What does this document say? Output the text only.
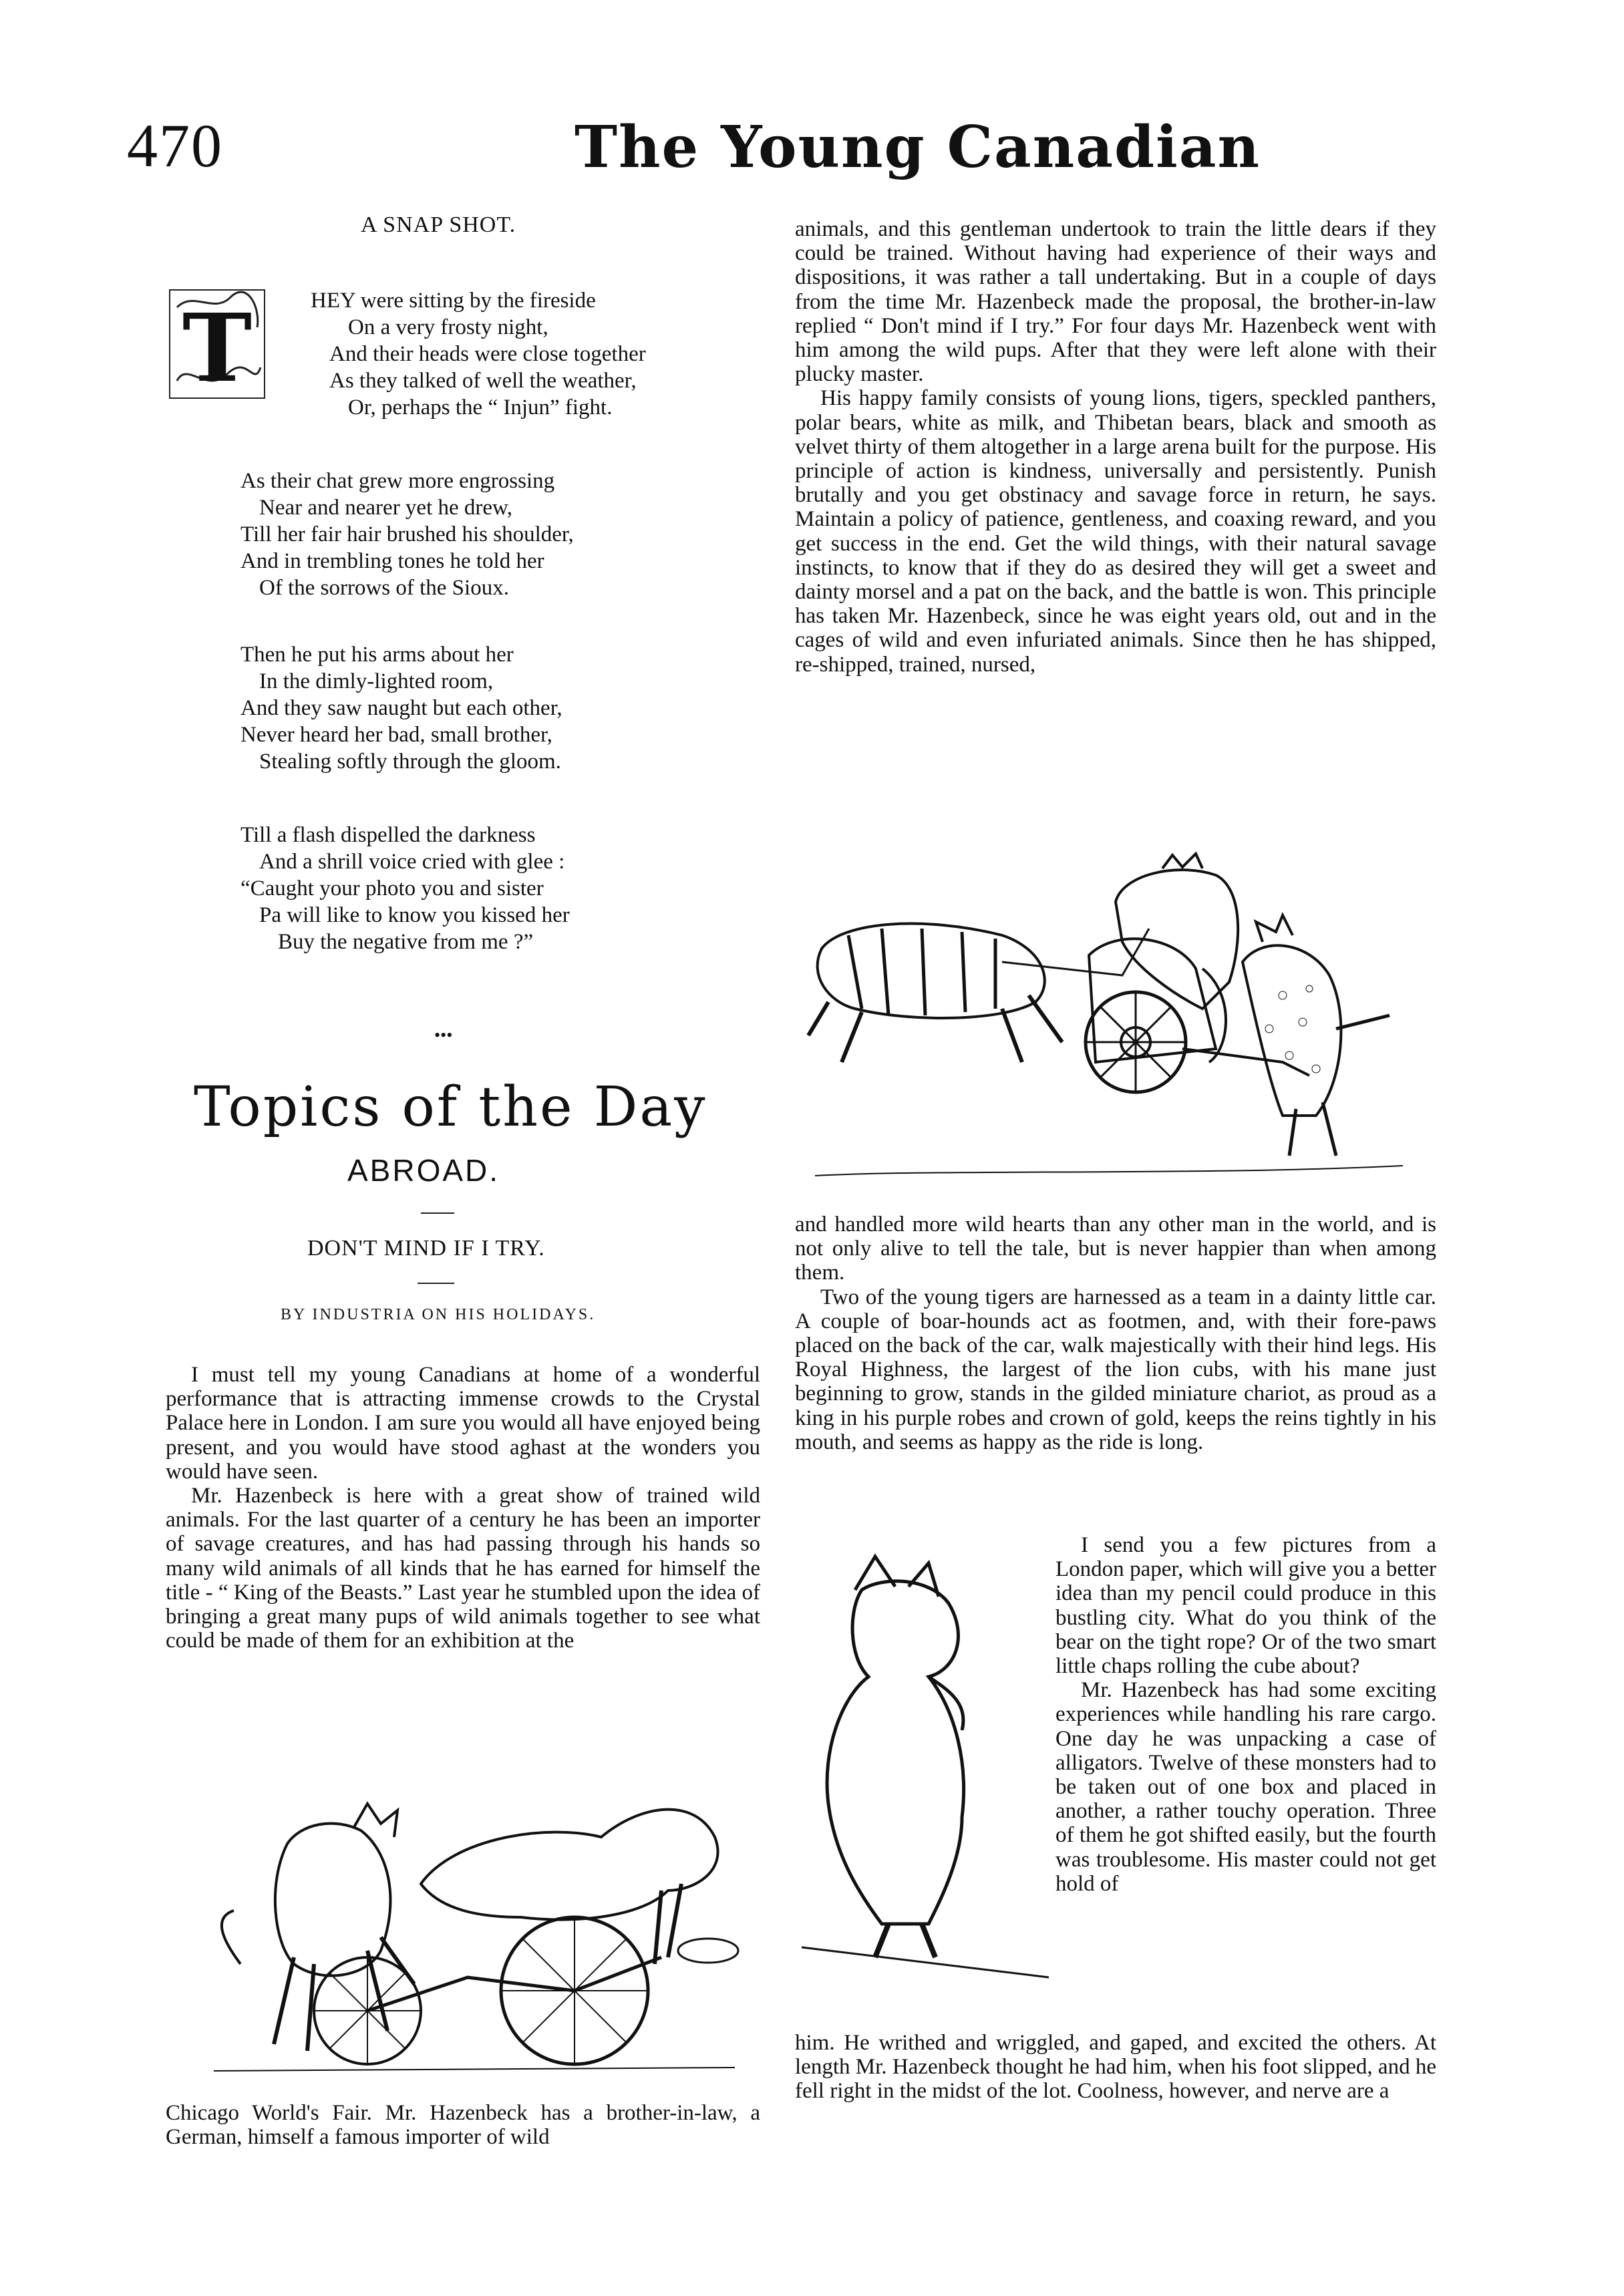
470	The Young Canadian
A SNAP SHOT.
T	HEY were sitting by the fireside
On a very frosty night,
And their heads were close together
As they talked of well the weather,
Or, perhaps the “ Injun” fight.
As their chat grew more engrossing
Near and nearer yet he drew,
Till her fair hair brushed his shoulder,
And in trembling tones he told her
Of the sorrows of the Sioux.
Then he put his arms about her
In the dimly-lighted room,
And they saw naught but each other,
Never heard her bad, small brother,
Stealing softly through the gloom.
Till a flash dispelled the darkness
And a shrill voice cried with glee :
“Caught your photo you and sister
Pa will like to know you kissed her
Buy the negative from me ?”
•••
Topics of the Day
ABROAD.
DON'T MIND IF I TRY.
BY INDUSTRIA ON HIS HOLIDAYS.

I must tell my young Canadians at home of a wonderful performance that is attracting immense crowds to the Crystal Palace here in London. I am sure you would all have enjoyed being present, and you would have stood aghast at the wonders you would have seen.

Mr. Hazenbeck is here with a great show of trained wild animals. For the last quarter of a century he has been an importer of savage creatures, and has had passing through his hands so many wild animals of all kinds that he has earned for himself the title - “ King of the Beasts.” Last year he stumbled upon the idea of bringing a great many pups of wild animals together to see what could be made of them for an exhibition at the

Chicago World's Fair. Mr. Hazenbeck has a brother-in-law, a German, himself a famous importer of wild

animals, and this gentleman undertook to train the little dears if they could be trained. Without having had experience of their ways and dispositions, it was rather a tall undertaking. But in a couple of days from the time Mr. Hazenbeck made the proposal, the brother-in-law replied “ Don't mind if I try.” For four days Mr. Hazenbeck went with him among the wild pups. After that they were left alone with their plucky master.

His happy family consists of young lions, tigers, speckled panthers, polar bears, white as milk, and Thibetan bears, black and smooth as velvet thirty of them altogether in a large arena built for the purpose. His principle of action is kindness, universally and persistently. Punish brutally and you get obstinacy and savage force in return, he says. Maintain a policy of patience, gentleness, and coaxing reward, and you get success in the end. Get the wild things, with their natural savage instincts, to know that if they do as desired they will get a sweet and dainty morsel and a pat on the back, and the battle is won. This principle has taken Mr. Hazenbeck, since he was eight years old, out and in the cages of wild and even infuriated animals. Since then he has shipped, re-shipped, trained, nursed,

and handled more wild hearts than any other man in the world, and is not only alive to tell the tale, but is never happier than when among them.

Two of the young tigers are harnessed as a team in a dainty little car. A couple of boar-hounds act as footmen, and, with their fore-paws placed on the back of the car, walk majestically with their hind legs. His Royal Highness, the largest of the lion cubs, with his mane just beginning to grow, stands in the gilded miniature chariot, as proud as a king in his purple robes and crown of gold, keeps the reins tightly in his mouth, and seems as happy as the ride is long.

I send you a few pictures from a London paper, which will give you a better idea than my pencil could produce in this bustling city. What do you think of the bear on the tight rope? Or of the two smart little chaps rolling the cube about?

Mr. Hazenbeck has had some exciting experiences while handling his rare cargo. One day he was unpacking a case of alligators. Twelve of these monsters had to be taken out of one box and placed in another, a rather touchy operation. Three of them he got shifted easily, but the fourth was troublesome. His master could not get hold of

him. He writhed and wriggled, and gaped, and excited the others. At length Mr. Hazenbeck thought he had him, when his foot slipped, and he fell right in the midst of the lot. Coolness, however, and nerve are a
